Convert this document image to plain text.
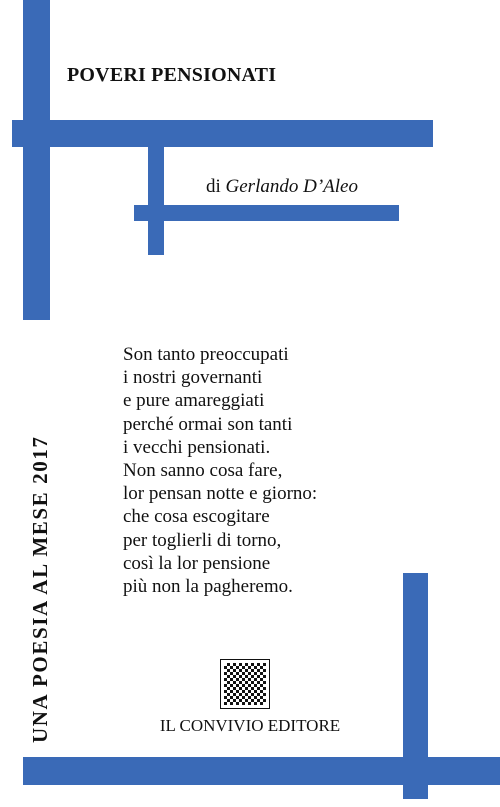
POVERI PENSIONATI
di Gerlando D’Aleo
UNA POESIA AL MESE 2017
Son tanto preoccupati
i nostri governanti
e pure amareggiati
perché ormai son tanti
i vecchi pensionati.
Non sanno cosa fare,
lor pensan notte e giorno:
che cosa escogitare
per toglierli di torno,
così la lor pensione
più non la pagheremo.
IL CONVIVIO EDITORE
